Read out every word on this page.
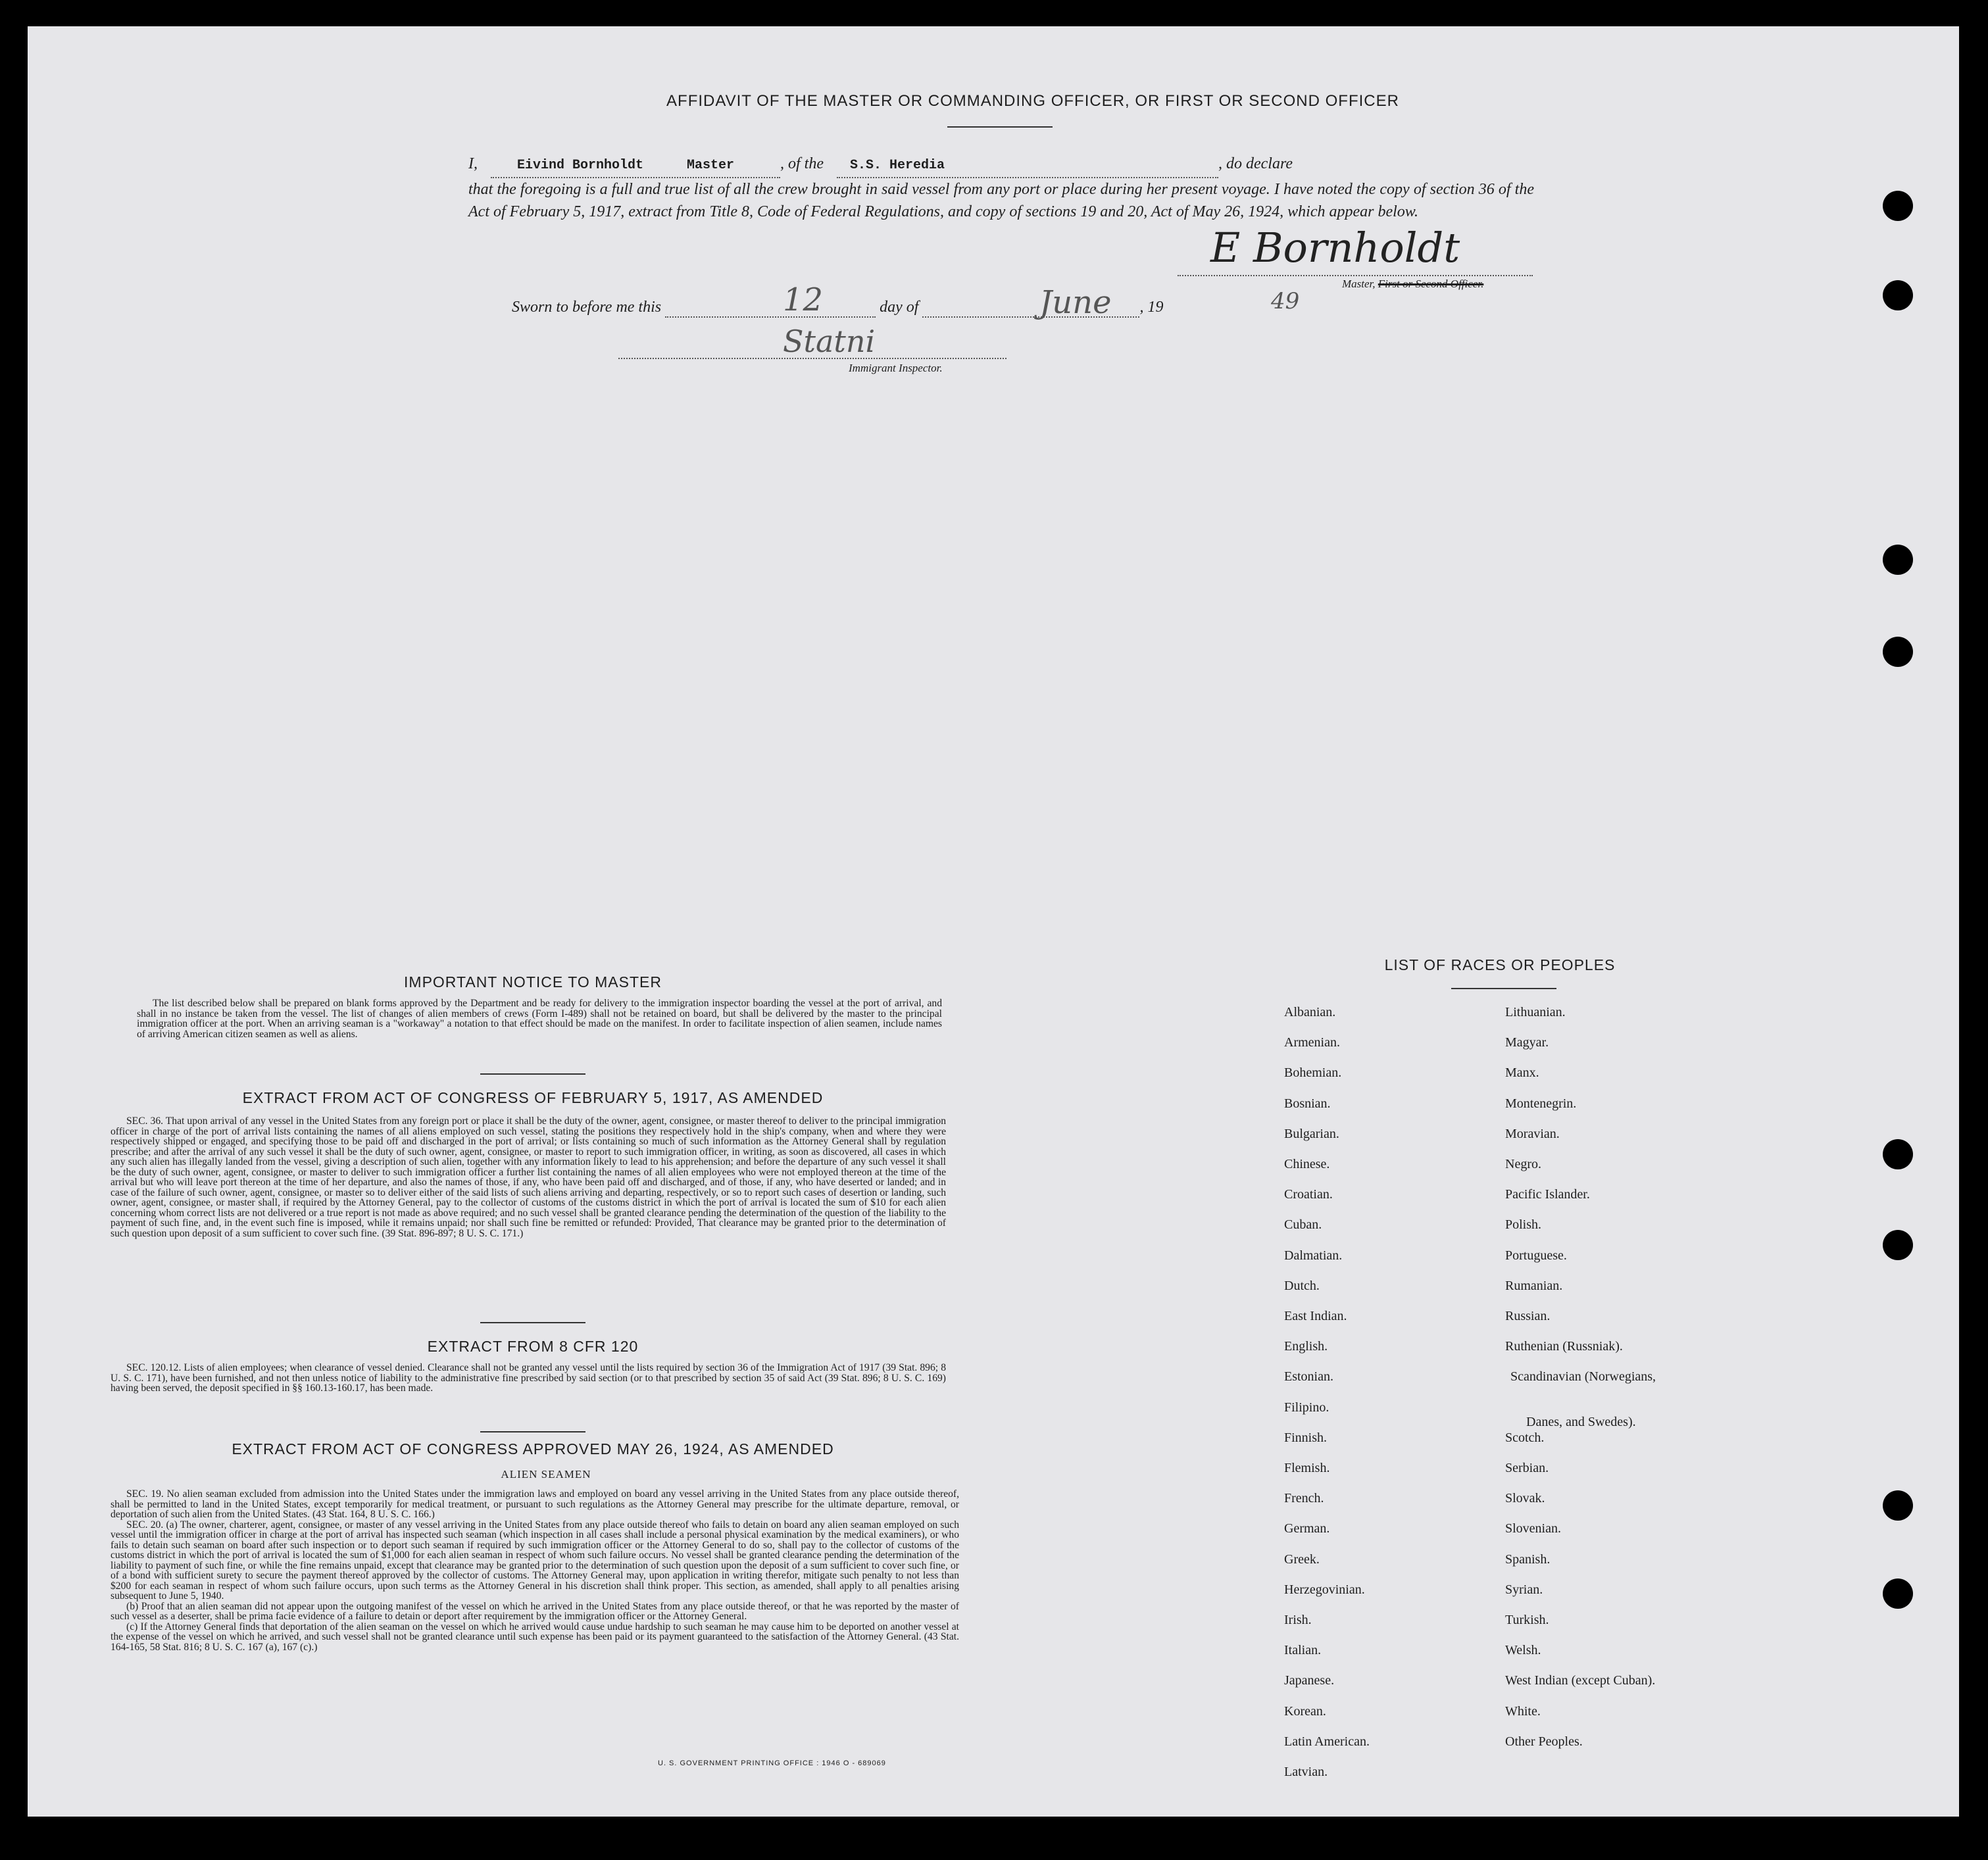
AFFIDAVIT OF THE MASTER OR COMMANDING OFFICER, OR FIRST OR SECOND OFFICER
I,	Eivind Bornholdt	Master	, of the S.S. Heredia	, do declare
that the foregoing is a full and true list of all the crew brought in said vessel from any port or place during her present voyage. I have noted the copy of section 36 of the Act of February 5, 1917, extract from Title 8, Code of Federal Regulations, and copy of sections 19 and 20, Act of May 26, 1924, which appear below.
E Bornholdt
Master, First or Second Officer.
Sworn to before me this	day of	, 19
12	June	49
Statni
Immigrant Inspector.
IMPORTANT NOTICE TO MASTER

The list described below shall be prepared on blank forms approved by the Department and be ready for delivery to the immigration inspector boarding the vessel at the port of arrival, and shall in no instance be taken from the vessel. The list of changes of alien members of crews (Form I-489) shall not be retained on board, but shall be delivered by the master to the principal immigration officer at the port. When an arriving seaman is a "workaway" a notation to that effect should be made on the manifest. In order to facilitate inspection of alien seamen, include names of arriving American citizen seamen as well as aliens.

EXTRACT FROM ACT OF CONGRESS OF FEBRUARY 5, 1917, AS AMENDED

SEC. 36. That upon arrival of any vessel in the United States from any foreign port or place it shall be the duty of the owner, agent, consignee, or master thereof to deliver to the principal immigration officer in charge of the port of arrival lists containing the names of all aliens employed on such vessel, stating the positions they respectively hold in the ship's company, when and where they were respectively shipped or engaged, and specifying those to be paid off and discharged in the port of arrival; or lists containing so much of such information as the Attorney General shall by regulation prescribe; and after the arrival of any such vessel it shall be the duty of such owner, agent, consignee, or master to report to such immigration officer, in writing, as soon as discovered, all cases in which any such alien has illegally landed from the vessel, giving a description of such alien, together with any information likely to lead to his apprehension; and before the departure of any such vessel it shall be the duty of such owner, agent, consignee, or master to deliver to such immigration officer a further list containing the names of all alien employees who were not employed thereon at the time of the arrival but who will leave port thereon at the time of her departure, and also the names of those, if any, who have been paid off and discharged, and of those, if any, who have deserted or landed; and in case of the failure of such owner, agent, consignee, or master so to deliver either of the said lists of such aliens arriving and departing, respectively, or so to report such cases of desertion or landing, such owner, agent, consignee, or master shall, if required by the Attorney General, pay to the collector of customs of the customs district in which the port of arrival is located the sum of $10 for each alien concerning whom correct lists are not delivered or a true report is not made as above required; and no such vessel shall be granted clearance pending the determination of the question of the liability to the payment of such fine, and, in the event such fine is imposed, while it remains unpaid; nor shall such fine be remitted or refunded: Provided, That clearance may be granted prior to the determination of such question upon deposit of a sum sufficient to cover such fine. (39 Stat. 896-897; 8 U. S. C. 171.)

EXTRACT FROM 8 CFR 120

SEC. 120.12. Lists of alien employees; when clearance of vessel denied. Clearance shall not be granted any vessel until the lists required by section 36 of the Immigration Act of 1917 (39 Stat. 896; 8 U. S. C. 171), have been furnished, and not then unless notice of liability to the administrative fine prescribed by said section (or to that prescribed by section 35 of said Act (39 Stat. 896; 8 U. S. C. 169) having been served, the deposit specified in §§ 160.13-160.17, has been made.

EXTRACT FROM ACT OF CONGRESS APPROVED MAY 26, 1924, AS AMENDED
ALIEN SEAMEN

SEC. 19. No alien seaman excluded from admission into the United States under the immigration laws and employed on board any vessel arriving in the United States from any place outside thereof, shall be permitted to land in the United States, except temporarily for medical treatment, or pursuant to such regulations as the Attorney General may prescribe for the ultimate departure, removal, or deportation of such alien from the United States. (43 Stat. 164, 8 U. S. C. 166.)

SEC. 20. (a) The owner, charterer, agent, consignee, or master of any vessel arriving in the United States from any place outside thereof who fails to detain on board any alien seaman employed on such vessel until the immigration officer in charge at the port of arrival has inspected such seaman (which inspection in all cases shall include a personal physical examination by the medical examiners), or who fails to detain such seaman on board after such inspection or to deport such seaman if required by such immigration officer or the Attorney General to do so, shall pay to the collector of customs of the customs district in which the port of arrival is located the sum of $1,000 for each alien seaman in respect of whom such failure occurs. No vessel shall be granted clearance pending the determination of the liability to payment of such fine, or while the fine remains unpaid, except that clearance may be granted prior to the determination of such question upon the deposit of a sum sufficient to cover such fine, or of a bond with sufficient surety to secure the payment thereof approved by the collector of customs. The Attorney General may, upon application in writing therefor, mitigate such penalty to not less than $200 for each seaman in respect of whom such failure occurs, upon such terms as the Attorney General in his discretion shall think proper. This section, as amended, shall apply to all penalties arising subsequent to June 5, 1940.

(b) Proof that an alien seaman did not appear upon the outgoing manifest of the vessel on which he arrived in the United States from any place outside thereof, or that he was reported by the master of such vessel as a deserter, shall be prima facie evidence of a failure to detain or deport after requirement by the immigration officer or the Attorney General.

(c) If the Attorney General finds that deportation of the alien seaman on the vessel on which he arrived would cause undue hardship to such seaman he may cause him to be deported on another vessel at the expense of the vessel on which he arrived, and such vessel shall not be granted clearance until such expense has been paid or its payment guaranteed to the satisfaction of the Attorney General. (43 Stat. 164-165, 58 Stat. 816; 8 U. S. C. 167 (a), 167 (c).)

U. S. GOVERNMENT PRINTING OFFICE : 1946 O - 689069
LIST OF RACES OR PEOPLES
Albanian.
Armenian.
Bohemian.
Bosnian.
Bulgarian.
Chinese.
Croatian.
Cuban.
Dalmatian.
Dutch.
East Indian.
English.
Estonian.
Filipino.
Finnish.
Flemish.
French.
German.
Greek.
Herzegovinian.
Irish.
Italian.
Japanese.
Korean.
Latin American.
Latvian.
Lithuanian.
Magyar.
Manx.
Montenegrin.
Moravian.
Negro.
Pacific Islander.
Polish.
Portuguese.
Rumanian.
Russian.
Ruthenian (Russniak).
Scandinavian (Norwegians,
Danes, and Swedes).
Scotch.
Serbian.
Slovak.
Slovenian.
Spanish.
Syrian.
Turkish.
Welsh.
West Indian (except Cuban).
White.
Other Peoples.
